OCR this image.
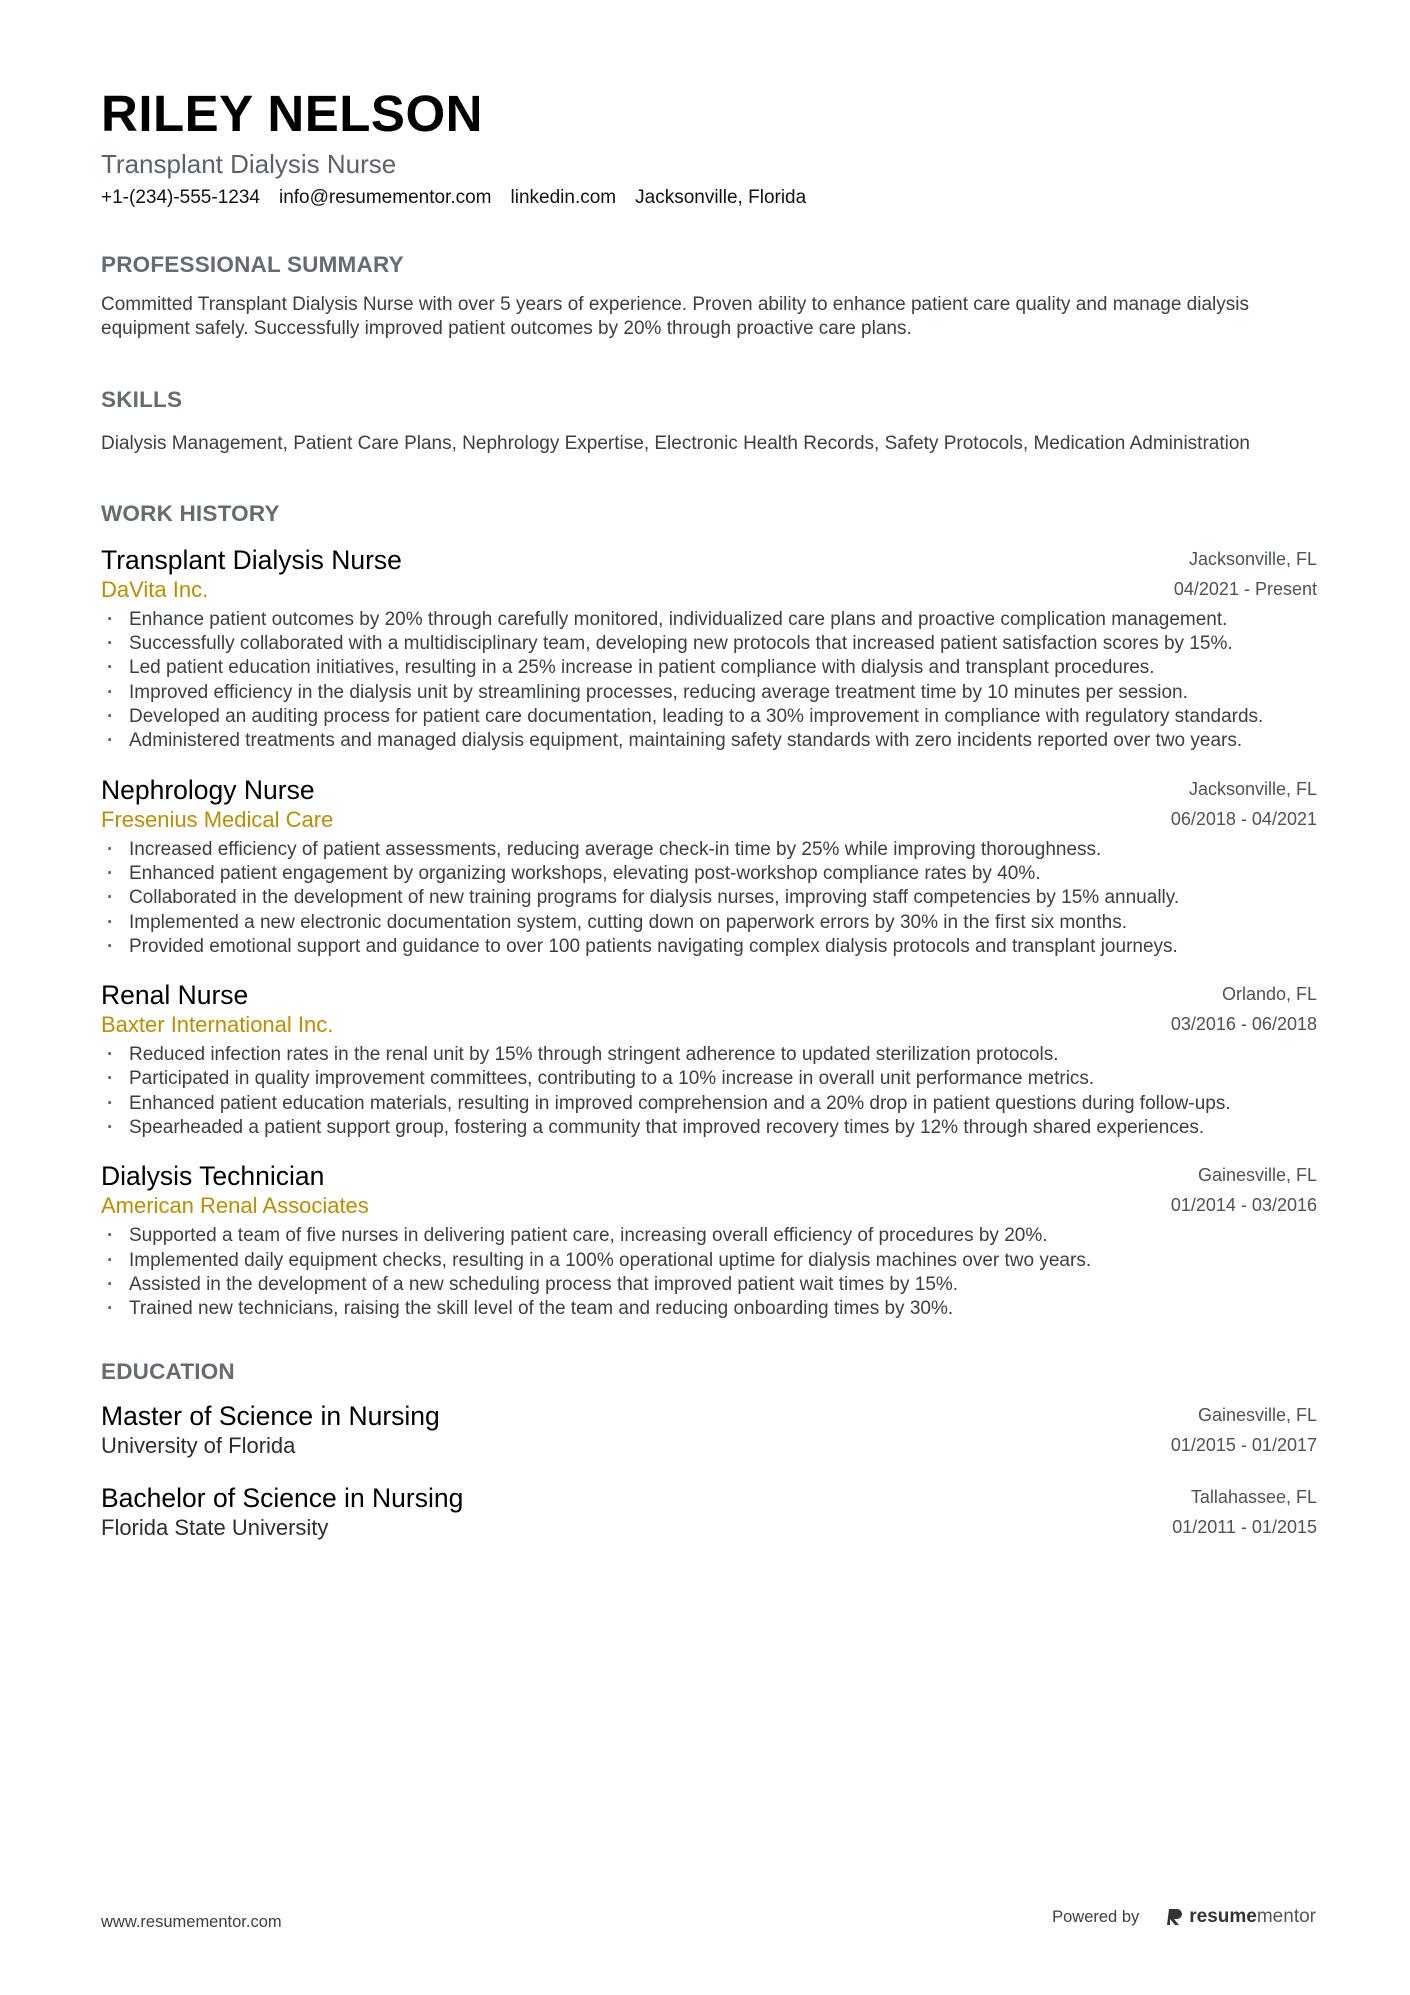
RILEY NELSON
Transplant Dialysis Nurse
+1-(234)-555-1234 info@resumementor.com linkedin.com Jacksonville, Florida
PROFESSIONAL SUMMARY
Committed Transplant Dialysis Nurse with over 5 years of experience. Proven ability to enhance patient care quality and manage dialysis equipment safely. Successfully improved patient outcomes by 20% through proactive care plans.
SKILLS
Dialysis Management, Patient Care Plans, Nephrology Expertise, Electronic Health Records, Safety Protocols, Medication Administration
WORK HISTORY
Transplant Dialysis Nurse
DaVita Inc.
Jacksonville, FL
04/2021 - Present
· Enhance patient outcomes by 20% through carefully monitored, individualized care plans and proactive complication management.
· Successfully collaborated with a multidisciplinary team, developing new protocols that increased patient satisfaction scores by 15%.
· Led patient education initiatives, resulting in a 25% increase in patient compliance with dialysis and transplant procedures.
· Improved efficiency in the dialysis unit by streamlining processes, reducing average treatment time by 10 minutes per session.
· Developed an auditing process for patient care documentation, leading to a 30% improvement in compliance with regulatory standards.
· Administered treatments and managed dialysis equipment, maintaining safety standards with zero incidents reported over two years.
Nephrology Nurse
Fresenius Medical Care
Jacksonville, FL
06/2018 - 04/2021
· Increased efficiency of patient assessments, reducing average check-in time by 25% while improving thoroughness.
· Enhanced patient engagement by organizing workshops, elevating post-workshop compliance rates by 40%.
· Collaborated in the development of new training programs for dialysis nurses, improving staff competencies by 15% annually.
· Implemented a new electronic documentation system, cutting down on paperwork errors by 30% in the first six months.
· Provided emotional support and guidance to over 100 patients navigating complex dialysis protocols and transplant journeys.
Renal Nurse
Baxter International Inc.
Orlando, FL
03/2016 - 06/2018
· Reduced infection rates in the renal unit by 15% through stringent adherence to updated sterilization protocols.
· Participated in quality improvement committees, contributing to a 10% increase in overall unit performance metrics.
· Enhanced patient education materials, resulting in improved comprehension and a 20% drop in patient questions during follow-ups.
· Spearheaded a patient support group, fostering a community that improved recovery times by 12% through shared experiences.
Dialysis Technician
American Renal Associates
Gainesville, FL
01/2014 - 03/2016
· Supported a team of five nurses in delivering patient care, increasing overall efficiency of procedures by 20%.
· Implemented daily equipment checks, resulting in a 100% operational uptime for dialysis machines over two years.
· Assisted in the development of a new scheduling process that improved patient wait times by 15%.
· Trained new technicians, raising the skill level of the team and reducing onboarding times by 30%.
EDUCATION
Master of Science in Nursing
University of Florida
Gainesville, FL
01/2015 - 01/2017
Bachelor of Science in Nursing
Florida State University
Tallahassee, FL
01/2011 - 01/2015
www.resumementor.com	Powered by	resumementor
